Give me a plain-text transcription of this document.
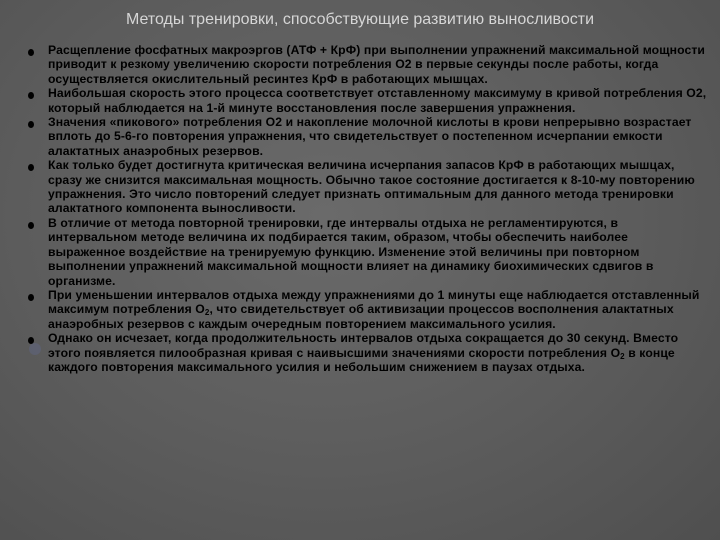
Методы тренировки, способствующие развитию выносливости
Расщепление фосфатных макроэргов (АТФ + КрФ) при выполнении упражнений максимальной мощности приводит к резкому увеличению скорости потребления О2 в первые секунды после работы, когда осуществляется окислительный ресинтез КрФ в работающих мышцах.
Наибольшая скорость этого процесса соответствует отставленному максимуму в кривой потребления О2, который наблюдается на 1-й минуте восстановления после завершения упражнения.
Значения «пикового» потребления О2 и накопление молочной кислоты в крови непрерывно возрастает вплоть до 5-6-го повторения упражнения, что свидетельствует о постепенном исчерпании емкости алактатных анаэробных резервов.
Как только будет достигнута критическая величина исчерпания запасов КрФ в работающих мышцах, сразу же снизится максимальная мощность. Обычно такое состояние достигается к 8-10-му повторению упражнения. Это число повторений следует признать оптимальным для данного метода тренировки алактатного компонента выносливости.
В отличие от метода повторной тренировки, где интервалы отдыха не регламентируются, в интервальном методе величина их подбирается таким, образом, чтобы обеспечить наиболее выраженное воздействие на тренируемую функцию. Изменение этой величины при повторном выполнении упражнений максимальной мощности влияет на динамику биохимических сдвигов в организме.
При уменьшении интервалов отдыха между упражнениями до 1 минуты еще наблюдается отставленный максимум потребления $О_2$, что свидетельствует об активизации процессов восполнения алактатных анаэробных резервов с каждым очередным повторением максимального усилия.
Однако он исчезает, когда продолжительность интервалов отдыха сокращается до 30 секунд. Вместо этого появляется пилообразная кривая с наивысшими значениями скорости потребления $О_2$ в конце каждого повторения максимального усилия и небольшим снижением в паузах отдыха.
